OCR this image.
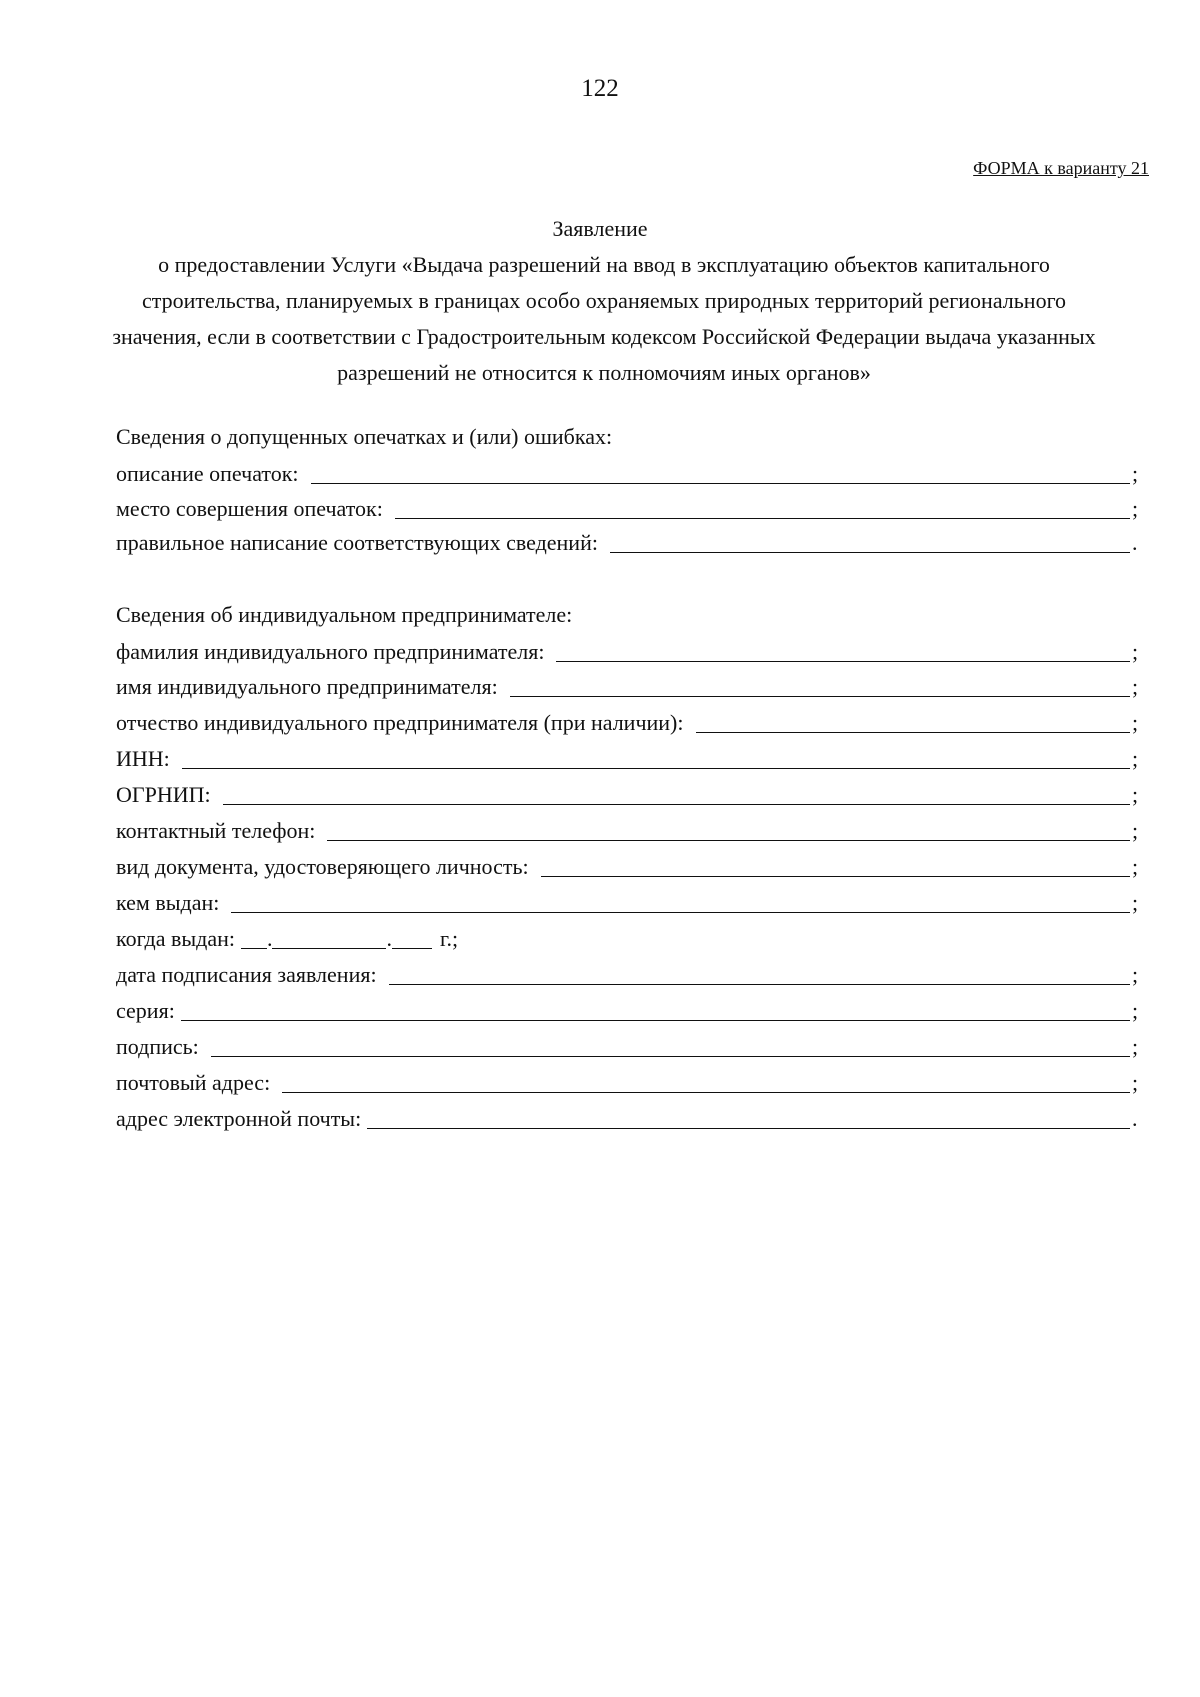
122
ФОРМА к варианту 21
Заявление
о предоставлении Услуги «Выдача разрешений на ввод в эксплуатацию объектов капитального строительства, планируемых в границах особо охраняемых природных территорий регионального значения, если в соответствии с Градостроительным кодексом Российской Федерации выдача указанных разрешений не относится к полномочиям иных органов»
Сведения о допущенных опечатках и (или) ошибках:
описание опечаток:	;
место совершения опечаток:	;
правильное написание соответствующих сведений:	.
Сведения об индивидуальном предпринимателе:
фамилия индивидуального предпринимателя:	;
имя индивидуального предпринимателя:	;
отчество индивидуального предпринимателя (при наличии):	;
ИНН:	;
ОГРНИП:	;
контактный телефон:	;
вид документа, удостоверяющего личность:	;
кем выдан:	;
когда выдан: .	. г.;
дата подписания заявления:	;
серия:	;
подпись:	;
почтовый адрес:	;
адрес электронной почты:	.
